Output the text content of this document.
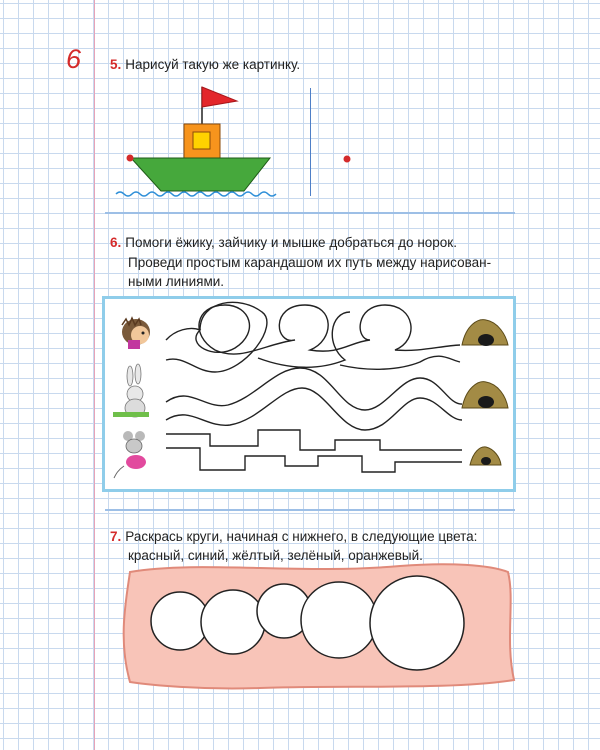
6 5. Нарисуй такую же картинку.
6. Помоги ёжику, зайчику и мышке добраться до норок.
Проведи простым карандашом их путь между нарисован-
ными линиями.
7. Раскрась круги, начиная с нижнего, в следующие цвета:
красный, синий, жёлтый, зелёный, оранжевый.
